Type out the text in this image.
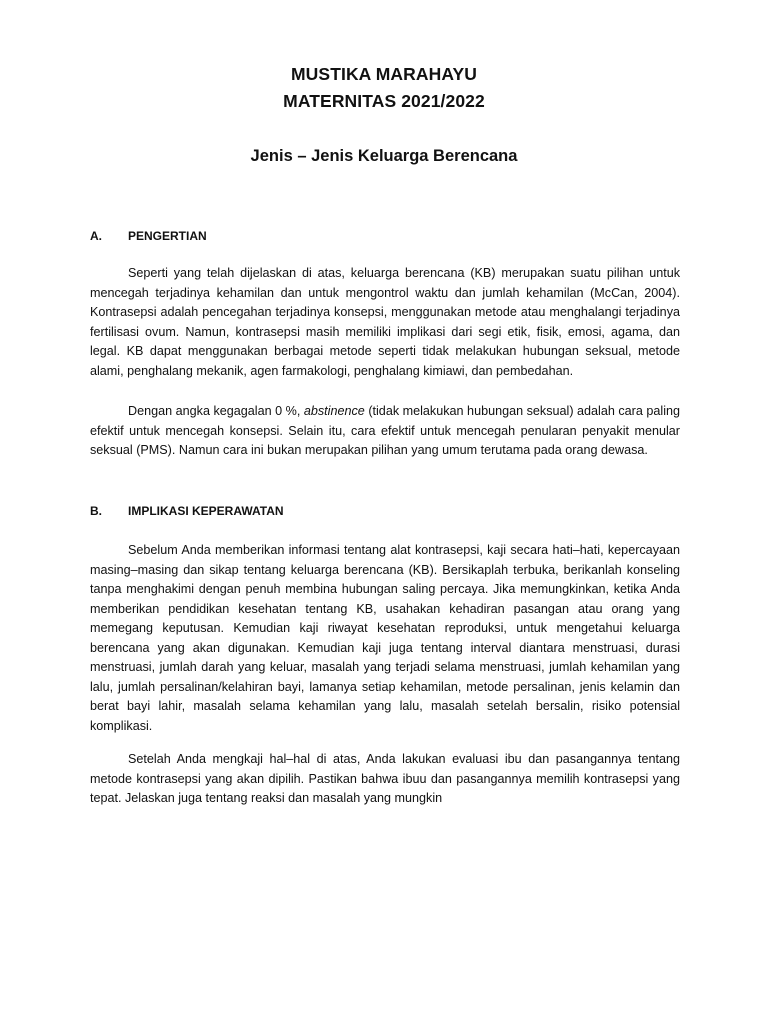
MUSTIKA MARAHAYU
MATERNITAS 2021/2022
Jenis – Jenis Keluarga Berencana
A. PENGERTIAN

Seperti yang telah dijelaskan di atas, keluarga berencana (KB) merupakan suatu pilihan untuk mencegah terjadinya kehamilan dan untuk mengontrol waktu dan jumlah kehamilan (McCan, 2004). Kontrasepsi adalah pencegahan terjadinya konsepsi, menggunakan metode atau menghalangi terjadinya fertilisasi ovum. Namun, kontrasepsi masih memiliki implikasi dari segi etik, fisik, emosi, agama, dan legal. KB dapat menggunakan berbagai metode seperti tidak melakukan hubungan seksual, metode alami, penghalang mekanik, agen farmakologi, penghalang kimiawi, dan pembedahan.

Dengan angka kegagalan 0 %, abstinence (tidak melakukan hubungan seksual) adalah cara paling efektif untuk mencegah konsepsi. Selain itu, cara efektif untuk mencegah penularan penyakit menular seksual (PMS). Namun cara ini bukan merupakan pilihan yang umum terutama pada orang dewasa.

B. IMPLIKASI KEPERAWATAN

Sebelum Anda memberikan informasi tentang alat kontrasepsi, kaji secara hati–hati, kepercayaan masing–masing dan sikap tentang keluarga berencana (KB). Bersikaplah terbuka, berikanlah konseling tanpa menghakimi dengan penuh membina hubungan saling percaya. Jika memungkinkan, ketika Anda memberikan pendidikan kesehatan tentang KB, usahakan kehadiran pasangan atau orang yang memegang keputusan. Kemudian kaji riwayat kesehatan reproduksi, untuk mengetahui keluarga berencana yang akan digunakan. Kemudian kaji juga tentang interval diantara menstruasi, durasi menstruasi, jumlah darah yang keluar, masalah yang terjadi selama menstruasi, jumlah kehamilan yang lalu, jumlah persalinan/kelahiran bayi, lamanya setiap kehamilan, metode persalinan, jenis kelamin dan berat bayi lahir, masalah selama kehamilan yang lalu, masalah setelah bersalin, risiko potensial komplikasi.

Setelah Anda mengkaji hal–hal di atas, Anda lakukan evaluasi ibu dan pasangannya tentang metode kontrasepsi yang akan dipilih. Pastikan bahwa ibuu dan pasangannya memilih kontrasepsi yang tepat. Jelaskan juga tentang reaksi dan masalah yang mungkin
